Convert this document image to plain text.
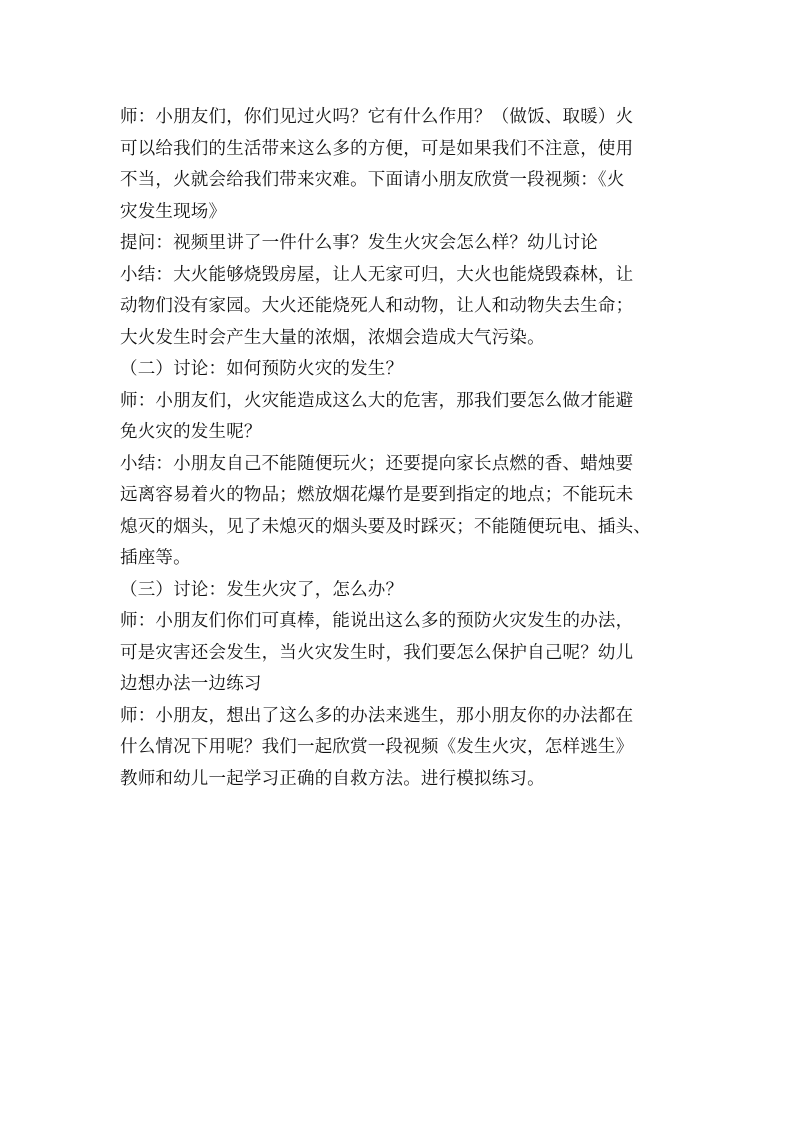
师：小朋友们，你们见过火吗？它有什么作用？（做饭、取暖）火
可以给我们的生活带来这么多的方便，可是如果我们不注意，使用
不当，火就会给我们带来灾难。下面请小朋友欣赏一段视频：《火
灾发生现场》
提问：视频里讲了一件什么事？发生火灾会怎么样？幼儿讨论
小结：大火能够烧毁房屋，让人无家可归，大火也能烧毁森林，让
动物们没有家园。大火还能烧死人和动物，让人和动物失去生命；
大火发生时会产生大量的浓烟，浓烟会造成大气污染。
（二）讨论：如何预防火灾的发生？
师：小朋友们，火灾能造成这么大的危害，那我们要怎么做才能避
免火灾的发生呢？
小结：小朋友自己不能随便玩火；还要提向家长点燃的香、蜡烛要
远离容易着火的物品；燃放烟花爆竹是要到指定的地点；不能玩未
熄灭的烟头，见了未熄灭的烟头要及时踩灭；不能随便玩电、插头、
插座等。
（三）讨论：发生火灾了，怎么办？
师：小朋友们你们可真棒，能说出这么多的预防火灾发生的办法，
可是灾害还会发生，当火灾发生时，我们要怎么保护自己呢？幼儿
边想办法一边练习
师：小朋友，想出了这么多的办法来逃生，那小朋友你的办法都在
什么情况下用呢？我们一起欣赏一段视频《发生火灾，怎样逃生》
教师和幼儿一起学习正确的自救方法。进行模拟练习。
